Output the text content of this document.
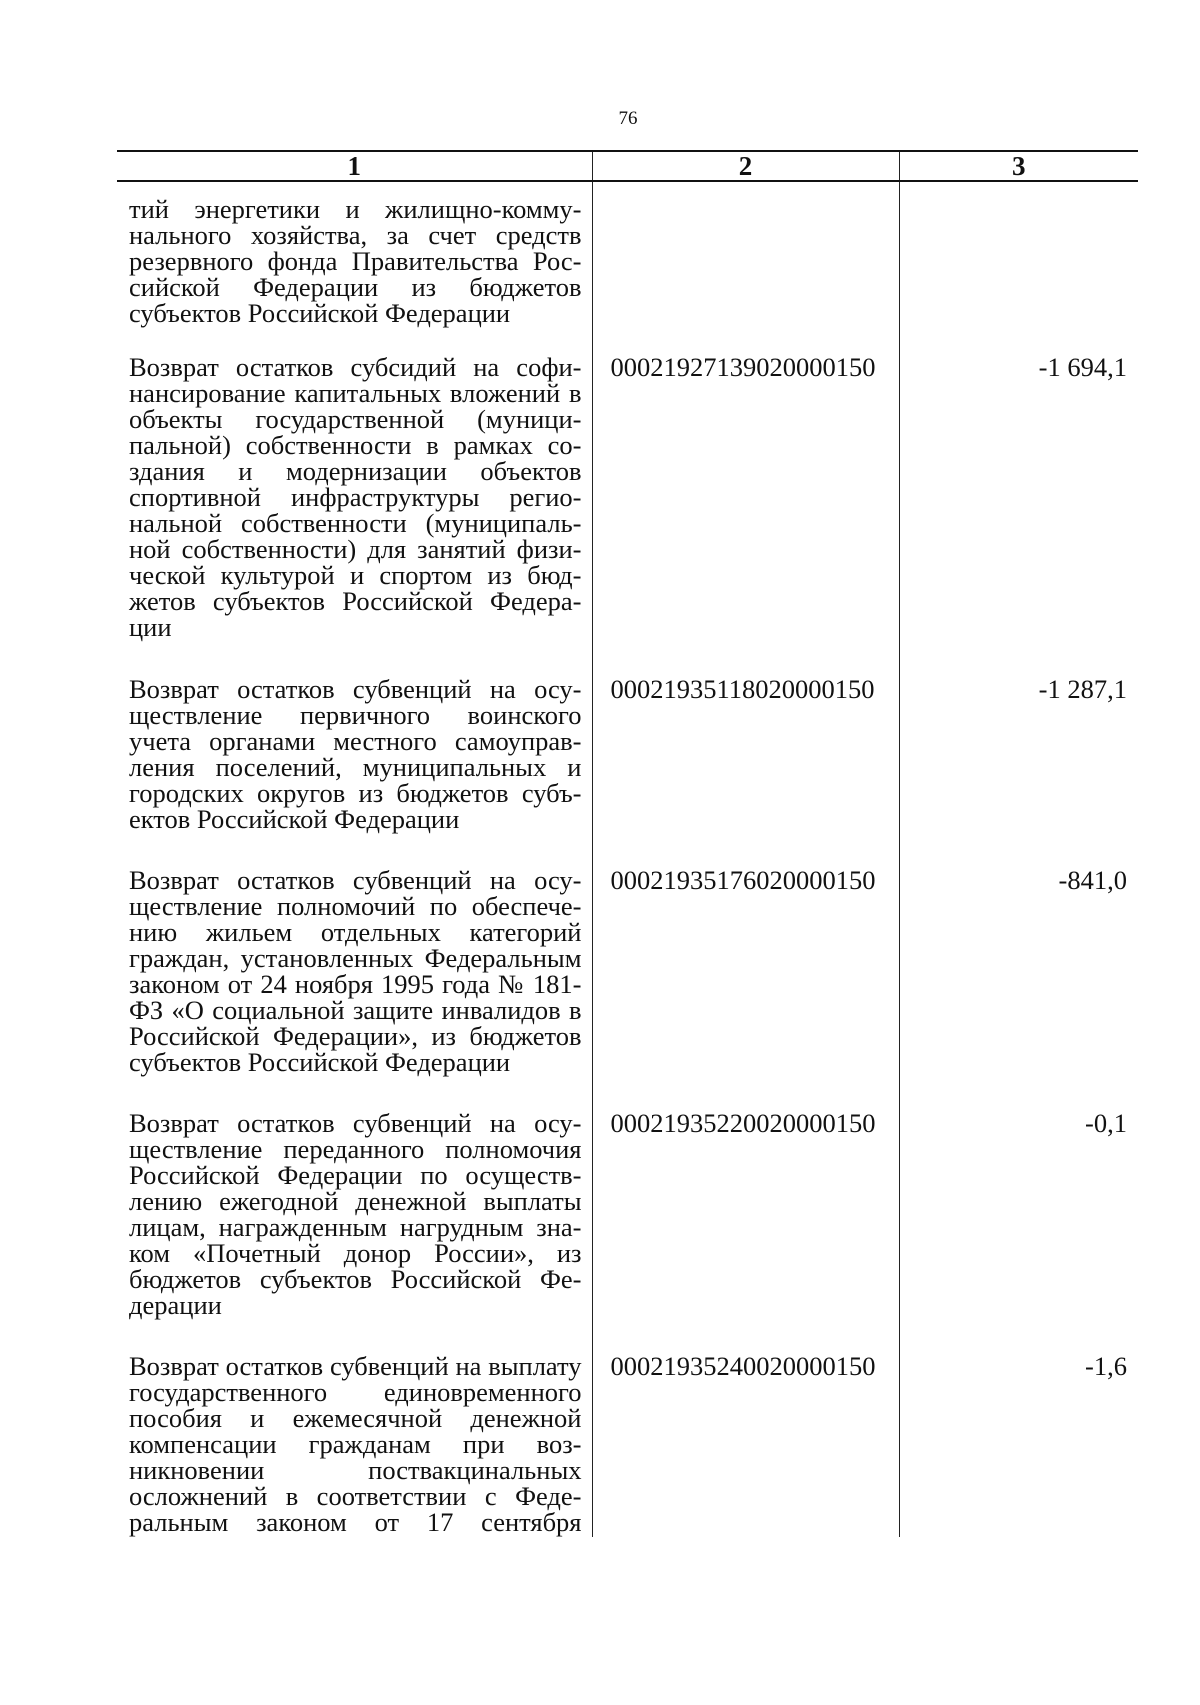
76
1	2	3
тий энергетики и жилищно-коммунального хозяйства, за счет средств резервного фонда Правительства Российской Федерации из бюджетов субъектов Российской Федерации		
Возврат остатков субсидий на софинансирование капитальных вложений в объекты государственной (муниципальной) собственности в рамках создания и модернизации объектов спортивной инфраструктуры региональной собственности (муниципальной собственности) для занятий физической культурой и спортом из бюджетов субъектов Российской Федерации	00021927139020000150	-1 694,1
Возврат остатков субвенций на осуществление первичного воинского учета органами местного самоуправления поселений, муниципальных и городских округов из бюджетов субъектов Российской Федерации	00021935118020000150	-1 287,1
Возврат остатков субвенций на осуществление полномочий по обеспечению жильем отдельных категорий граждан, установленных Федеральным законом от 24 ноября 1995 года № 181-ФЗ «О социальной защите инвалидов в Российской Федерации», из бюджетов субъектов Российской Федерации	00021935176020000150	-841,0
Возврат остатков субвенций на осуществление переданного полномочия Российской Федерации по осуществлению ежегодной денежной выплаты лицам, награжденным нагрудным знаком «Почетный донор России», из бюджетов субъектов Российской Федерации	00021935220020000150	-0,1
Возврат остатков субвенций на выплату государственного единовременного пособия и ежемесячной денежной компенсации гражданам при возникновении поствакцинальных осложнений в соответствии с Федеральным законом от 17 сентября	00021935240020000150	-1,6
